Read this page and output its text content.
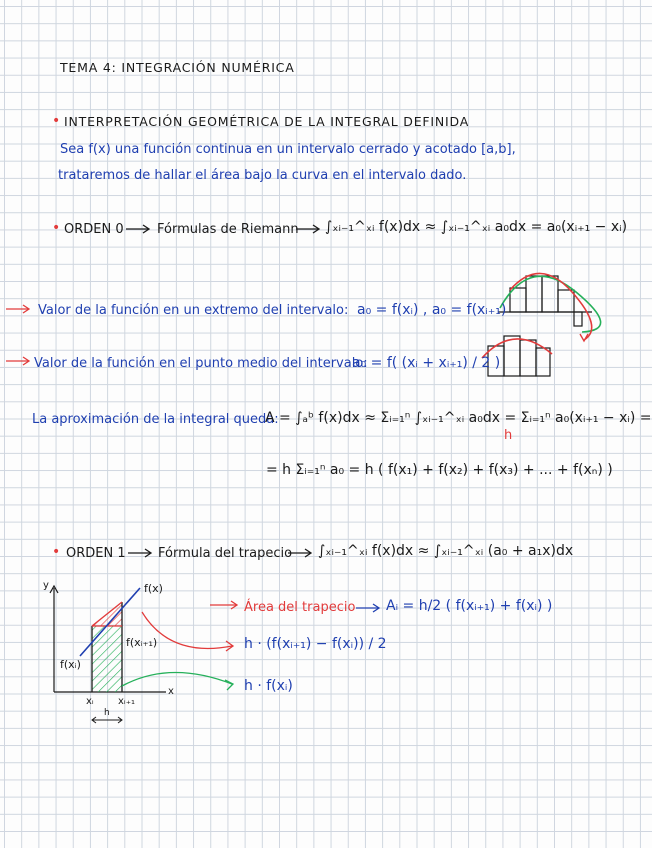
TEMA 4: INTEGRACIÓN NUMÉRICA
• INTERPRETACIÓN GEOMÉTRICA DE LA INTEGRAL DEFINIDA
Sea f(x) una función continua en un intervalo cerrado y acotado [a,b],
trataremos de hallar el área bajo la curva en el intervalo dado.
• ORDEN 0	Fórmulas de Riemann ∫ₓᵢ₋₁^ₓᵢ f(x)dx ≈ ∫ₓᵢ₋₁^ₓᵢ a₀dx = a₀(xᵢ₊₁ − xᵢ)
Valor de la función en un extremo del intervalo: a₀ = f(xᵢ) , a₀ = f(xᵢ₊₁)
Valor de la función en el punto medio del intervalo:
a₀ = f( (xᵢ + xᵢ₊₁) / 2 )
La aproximación de la integral queda:
A = ∫ₐᵇ f(x)dx ≈ Σᵢ₌₁ⁿ ∫ₓᵢ₋₁^ₓᵢ a₀dx = Σᵢ₌₁ⁿ a₀(xᵢ₊₁ − xᵢ) =
h
= h Σᵢ₌₁ⁿ a₀ = h ( f(x₁) + f(x₂) + f(x₃) + ... + f(xₙ) )
• ORDEN 1 Fórmula del trapecio ∫ₓᵢ₋₁^ₓᵢ f(x)dx ≈ ∫ₓᵢ₋₁^ₓᵢ (a₀ + a₁x)dx
y
x
f(x)
f(xᵢ₊₁)
f(xᵢ)
xᵢ xᵢ₊₁
h
Área del trapecio Aᵢ = h/2 ( f(xᵢ₊₁) + f(xᵢ) )
h · (f(xᵢ₊₁) − f(xᵢ)) / 2
h · f(xᵢ)
